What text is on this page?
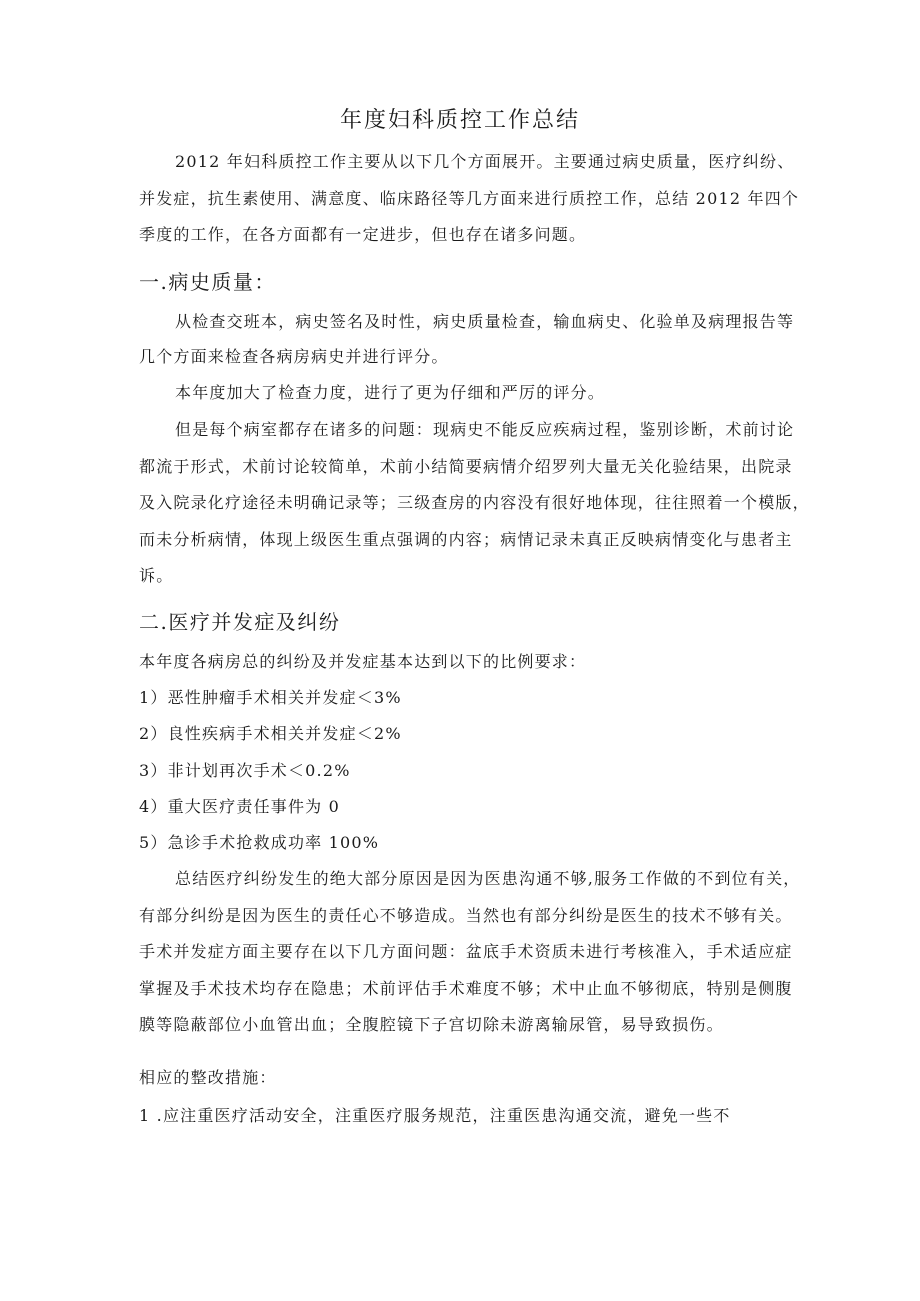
年度妇科质控工作总结
2012 年妇科质控工作主要从以下几个方面展开。主要通过病史质量，医疗纠纷、
并发症，抗生素使用、满意度、临床路径等几方面来进行质控工作，总结 2012 年四个
季度的工作，在各方面都有一定进步，但也存在诸多问题。
一.病史质量：
从检查交班本，病史签名及时性，病史质量检查，输血病史、化验单及病理报告等
几个方面来检查各病房病史并进行评分。
本年度加大了检查力度，进行了更为仔细和严厉的评分。
但是每个病室都存在诸多的问题：现病史不能反应疾病过程，鉴别诊断，术前讨论
都流于形式，术前讨论较简单，术前小结简要病情介绍罗列大量无关化验结果，出院录
及入院录化疗途径未明确记录等；三级查房的内容没有很好地体现，往往照着一个模版，
而未分析病情，体现上级医生重点强调的内容；病情记录未真正反映病情变化与患者主
诉。
二.医疗并发症及纠纷
本年度各病房总的纠纷及并发症基本达到以下的比例要求：
1）恶性肿瘤手术相关并发症＜3%
2）良性疾病手术相关并发症＜2%
3）非计划再次手术＜0.2%
4）重大医疗责任事件为 0
5）急诊手术抢救成功率 100%
总结医疗纠纷发生的绝大部分原因是因为医患沟通不够,服务工作做的不到位有关，
有部分纠纷是因为医生的责任心不够造成。当然也有部分纠纷是医生的技术不够有关。
手术并发症方面主要存在以下几方面问题：盆底手术资质未进行考核准入，手术适应症
掌握及手术技术均存在隐患；术前评估手术难度不够；术中止血不够彻底，特别是侧腹
膜等隐蔽部位小血管出血；全腹腔镜下子宫切除未游离输尿管，易导致损伤。
相应的整改措施：
1 .应注重医疗活动安全，注重医疗服务规范，注重医患沟通交流，避免一些不
